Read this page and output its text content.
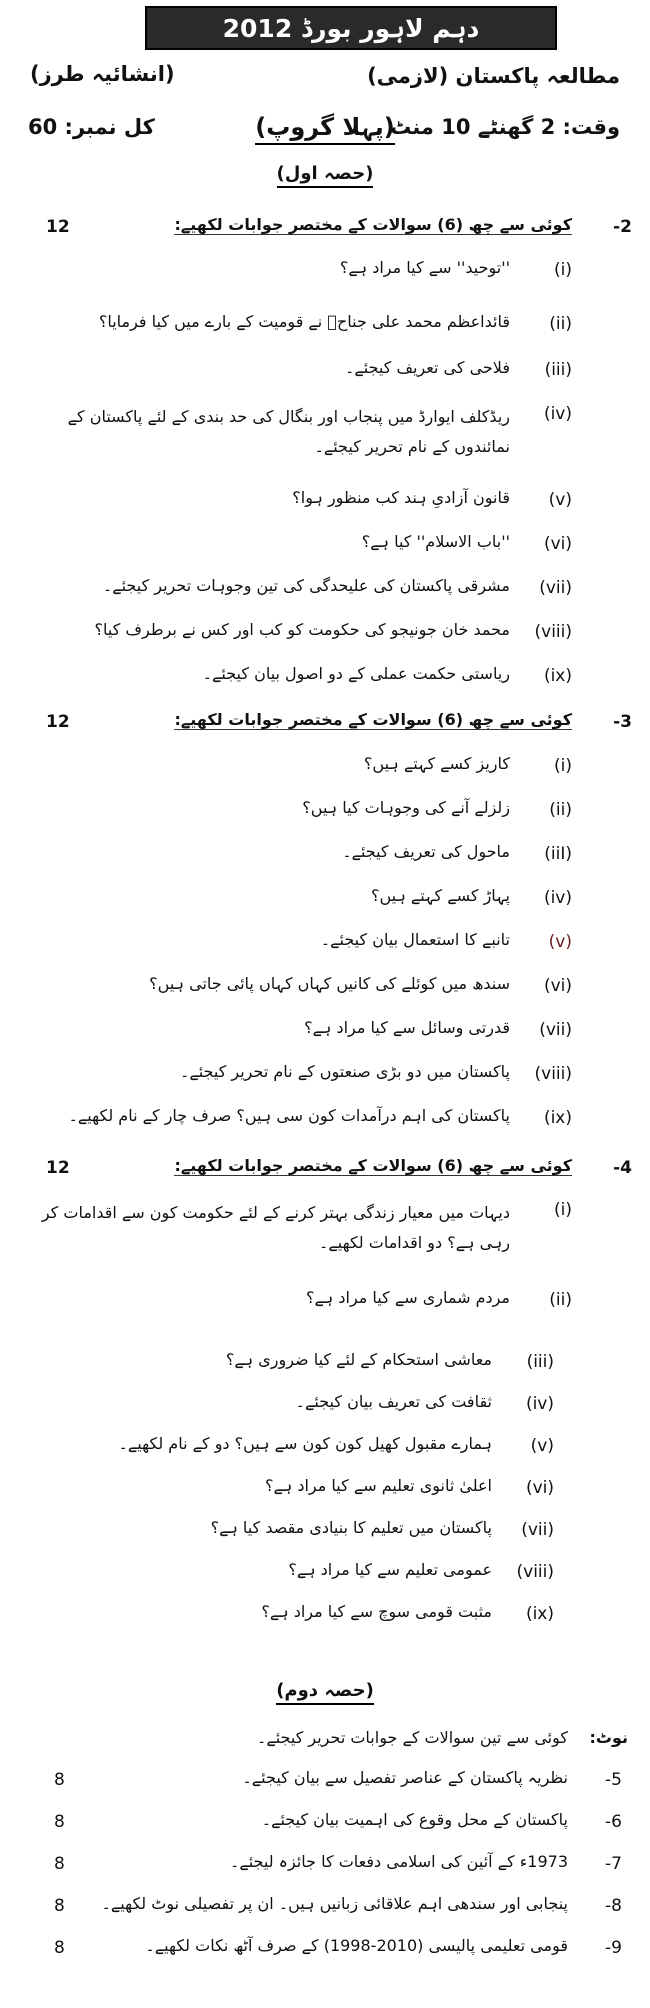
دہم لاہور بورڈ 2012
مطالعہ پاکستان (لازمی)
(انشائیہ طرز)
وقت: 2 گھنٹے 10 منٹ
کل نمبر: 60	(پہلا گروپ)
(حصہ اول)
-2
کوئی سے چھ (6) سوالات کے مختصر جوابات لکھیے:
12
(i)
''توحید'' سے کیا مراد ہے؟
(ii)
قائداعظم محمد علی جناحؒ نے قومیت کے بارے میں کیا فرمایا؟
(iii)
فلاحی کی تعریف کیجئے۔
(iv)
ریڈکلف ایوارڈ میں پنجاب اور بنگال کی حد بندی کے لئے پاکستان کے نمائندوں کے نام تحریر کیجئے۔
(v)
قانون آزادیِ ہند کب منظور ہوا؟
(vi)
''باب الاسلام'' کیا ہے؟
(vii)
مشرقی پاکستان کی علیحدگی کی تین وجوہات تحریر کیجئے۔
(viii)
محمد خان جونیجو کی حکومت کو کب اور کس نے برطرف کیا؟
(ix)
ریاستی حکمت عملی کے دو اصول بیان کیجئے۔
-3
کوئی سے چھ (6) سوالات کے مختصر جوابات لکھیے:
12
(i)
کاریز کسے کہتے ہیں؟
(ii)
زلزلے آنے کی وجوہات کیا ہیں؟
(iiI)
ماحول کی تعریف کیجئے۔
(iv)
پہاڑ کسے کہتے ہیں؟
(v)
تانبے کا استعمال بیان کیجئے۔
(vi)
سندھ میں کوئلے کی کانیں کہاں کہاں پائی جاتی ہیں؟
(vii)
قدرتی وسائل سے کیا مراد ہے؟
(viii)
پاکستان میں دو بڑی صنعتوں کے نام تحریر کیجئے۔
(ix)
پاکستان کی اہم درآمدات کون سی ہیں؟ صرف چار کے نام لکھیے۔
-4
کوئی سے چھ (6) سوالات کے مختصر جوابات لکھیے:
12
(i)
دیہات میں معیار زندگی بہتر کرنے کے لئے حکومت کون سے اقدامات کر رہی ہے؟ دو اقدامات لکھیے۔
(ii)
مردم شماری سے کیا مراد ہے؟
(iii)
معاشی استحکام کے لئے کیا ضروری ہے؟
(iv)
ثقافت کی تعریف بیان کیجئے۔
(v)
ہمارے مقبول کھیل کون کون سے ہیں؟ دو کے نام لکھیے۔
(vi)
اعلیٰ ثانوی تعلیم سے کیا مراد ہے؟
(vii)
پاکستان میں تعلیم کا بنیادی مقصد کیا ہے؟
(viii)
عمومی تعلیم سے کیا مراد ہے؟
(ix)
مثبت قومی سوچ سے کیا مراد ہے؟
(حصہ دوم)
نوٹ:
کوئی سے تین سوالات کے جوابات تحریر کیجئے۔
-5
نظریہ پاکستان کے عناصر تفصیل سے بیان کیجئے۔
8
-6
پاکستان کے محل وقوع کی اہمیت بیان کیجئے۔
8
-7
1973ء کے آئین کی اسلامی دفعات کا جائزہ لیجئے۔
8
-8
پنجابی اور سندھی اہم علاقائی زبانیں ہیں۔ ان پر تفصیلی نوٹ لکھیے۔
8
-9
قومی تعلیمی پالیسی (2010-1998) کے صرف آٹھ نکات لکھیے۔
8
